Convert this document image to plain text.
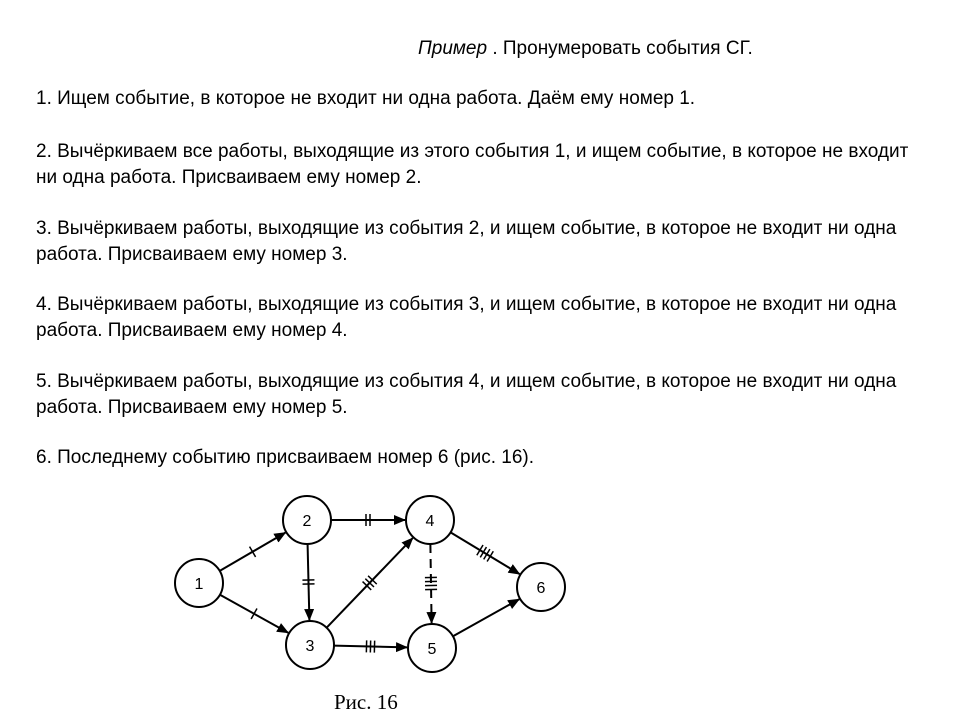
Пример . Пронумеровать события СГ.
1. Ищем событие, в которое не входит ни одна работа. Даём ему номер 1.
2. Вычёркиваем все работы, выходящие из этого события 1, и ищем событие, в которое не входит ни одна работа. Присваиваем ему номер 2.
3. Вычёркиваем работы, выходящие из события 2, и ищем событие, в которое не входит ни одна работа. Присваиваем ему номер 3.
4. Вычёркиваем работы, выходящие из события 3, и ищем событие, в которое не входит ни одна работа. Присваиваем ему номер 4.
5. Вычёркиваем работы, выходящие из события 4, и ищем событие, в которое не входит ни одна работа. Присваиваем ему номер 5.
6. Последнему событию присваиваем номер 6 (рис. 16).
1
2
3
4
5
6
Рис. 16
